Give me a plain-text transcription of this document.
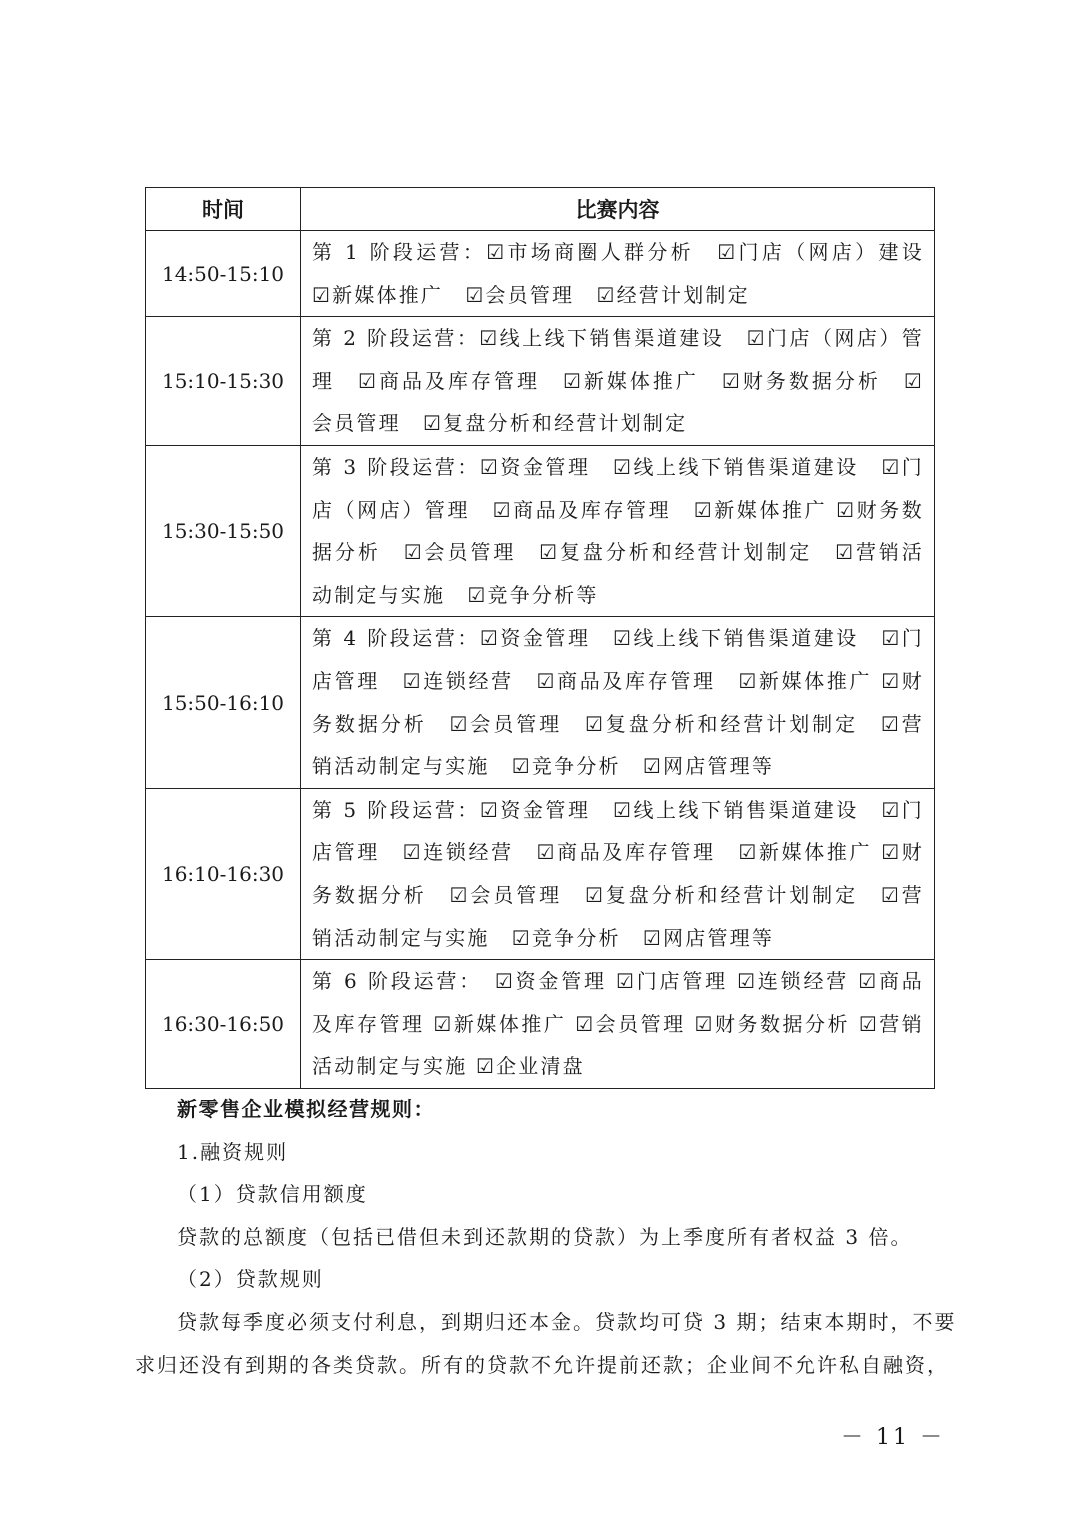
时间	比赛内容
14:50-15:10	第 1 阶段运营：☑市场商圈人群分析　☑门店（网店）建设　☑新媒体推广　☑会员管理　☑经营计划制定
15:10-15:30	第 2 阶段运营：☑线上线下销售渠道建设　☑门店（网店）管理　☑商品及库存管理　☑新媒体推广　☑财务数据分析　☑会员管理　☑复盘分析和经营计划制定
15:30-15:50	第 3 阶段运营：☑资金管理　☑线上线下销售渠道建设　☑门店（网店）管理　☑商品及库存管理　☑新媒体推广 ☑财务数据分析　☑会员管理　☑复盘分析和经营计划制定　☑营销活动制定与实施　☑竞争分析等
15:50-16:10	第 4 阶段运营：☑资金管理　☑线上线下销售渠道建设　☑门店管理　☑连锁经营　☑商品及库存管理　☑新媒体推广 ☑财务数据分析　☑会员管理　☑复盘分析和经营计划制定　☑营销活动制定与实施　☑竞争分析　☑网店管理等
16:10-16:30	第 5 阶段运营：☑资金管理　☑线上线下销售渠道建设　☑门店管理　☑连锁经营　☑商品及库存管理　☑新媒体推广 ☑财务数据分析　☑会员管理　☑复盘分析和经营计划制定　☑营销活动制定与实施　☑竞争分析　☑网店管理等
16:30-16:50	第 6 阶段运营：　☑资金管理 ☑门店管理 ☑连锁经营 ☑商品及库存管理 ☑新媒体推广 ☑会员管理 ☑财务数据分析 ☑营销活动制定与实施 ☑企业清盘
新零售企业模拟经营规则：
1.融资规则
（1）贷款信用额度
贷款的总额度（包括已借但未到还款期的贷款）为上季度所有者权益 3 倍。
（2）贷款规则
贷款每季度必须支付利息，到期归还本金。贷款均可贷 3 期；结束本期时，不要
求归还没有到期的各类贷款。所有的贷款不允许提前还款；企业间不允许私自融资，
－ 11 －
